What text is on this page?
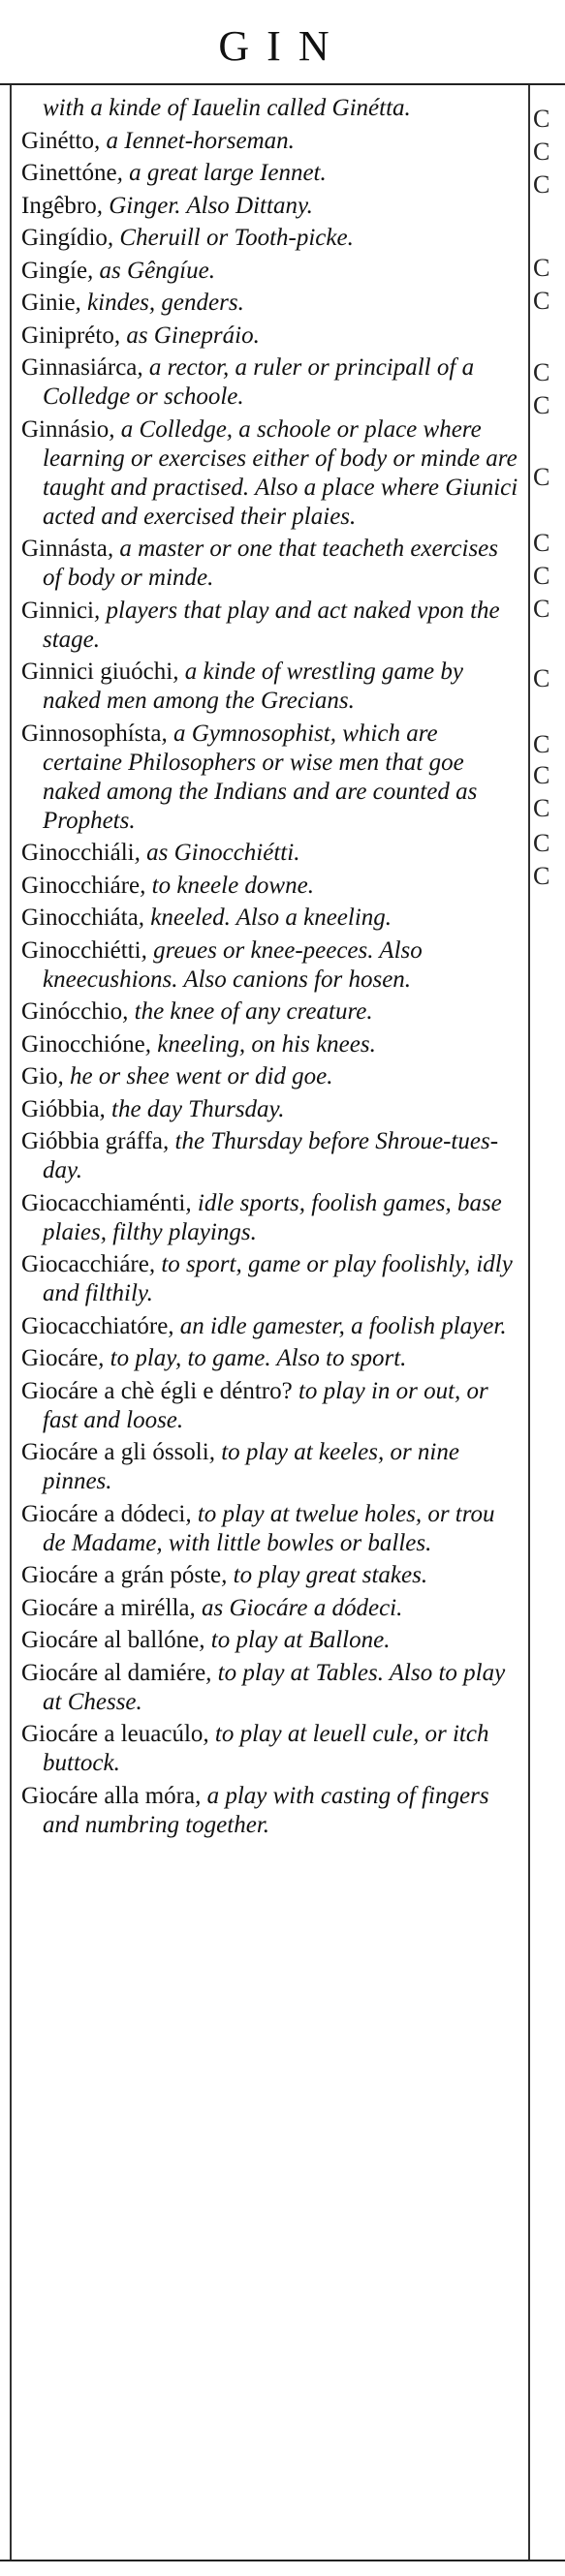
GIN
with a kinde of Iauelin called Ginétta.
Ginétto, a Iennet-horseman.
Ginettóne, a great large Iennet.
Ingêbro, Ginger. Also Dittany.
Gingídio, Cheruill or Tooth-picke.
Gingíe, as Gêngíue.
Ginie, kindes, genders.
Ginipréto, as Ginepráio.
Ginnasiárca, a rector, a ruler or principall of a Colledge or schoole.
Ginnásio, a Colledge, a schoole or place where learning or exercises either of body or minde are taught and practised. Also a place where Giunici acted and exercised their plaies.
Ginnásta, a master or one that teacheth exercises of body or minde.
Ginnici, players that play and act naked vpon the stage.
Ginnici giuóchi, a kinde of wrestling game by naked men among the Grecians.
Ginnosophísta, a Gymnosophist, which are certaine Philosophers or wise men that goe naked among the Indians and are counted as Prophets.
Ginocchiáli, as Ginocchiétti.
Ginocchiáre, to kneele downe.
Ginocchiáta, kneeled. Also a kneeling.
Ginocchiétti, greues or knee-peeces. Also kneecushions. Also canions for hosen.
Ginócchio, the knee of any creature.
Ginocchióne, kneeling, on his knees.
Gio, he or shee went or did goe.
Gióbbia, the day Thursday.
Gióbbia gráffa, the Thursday before Shroue-tues-day.
Giocacchiaménti, idle sports, foolish games, base plaies, filthy playings.
Giocacchiáre, to sport, game or play foolishly, idly and filthily.
Giocacchiatóre, an idle gamester, a foolish player.
Giocáre, to play, to game. Also to sport.
Giocáre a chè égli e déntro? to play in or out, or fast and loose.
Giocáre a gli óssoli, to play at keeles, or nine pinnes.
Giocáre a dódeci, to play at twelue holes, or trou de Madame, with little bowles or balles.
Giocáre a grán póste, to play great stakes.
Giocáre a mirélla, as Giocáre a dódeci.
Giocáre al ballóne, to play at Ballone.
Giocáre al damiére, to play at Tables. Also to play at Chesse.
Giocáre a leuacúlo, to play at leuell cule, or itch buttock.
Giocáre alla móra, a play with casting of fingers and numbring together.
C
C
C
C
C
C
C
C
C
C
C
C
C
C
C
C
C
